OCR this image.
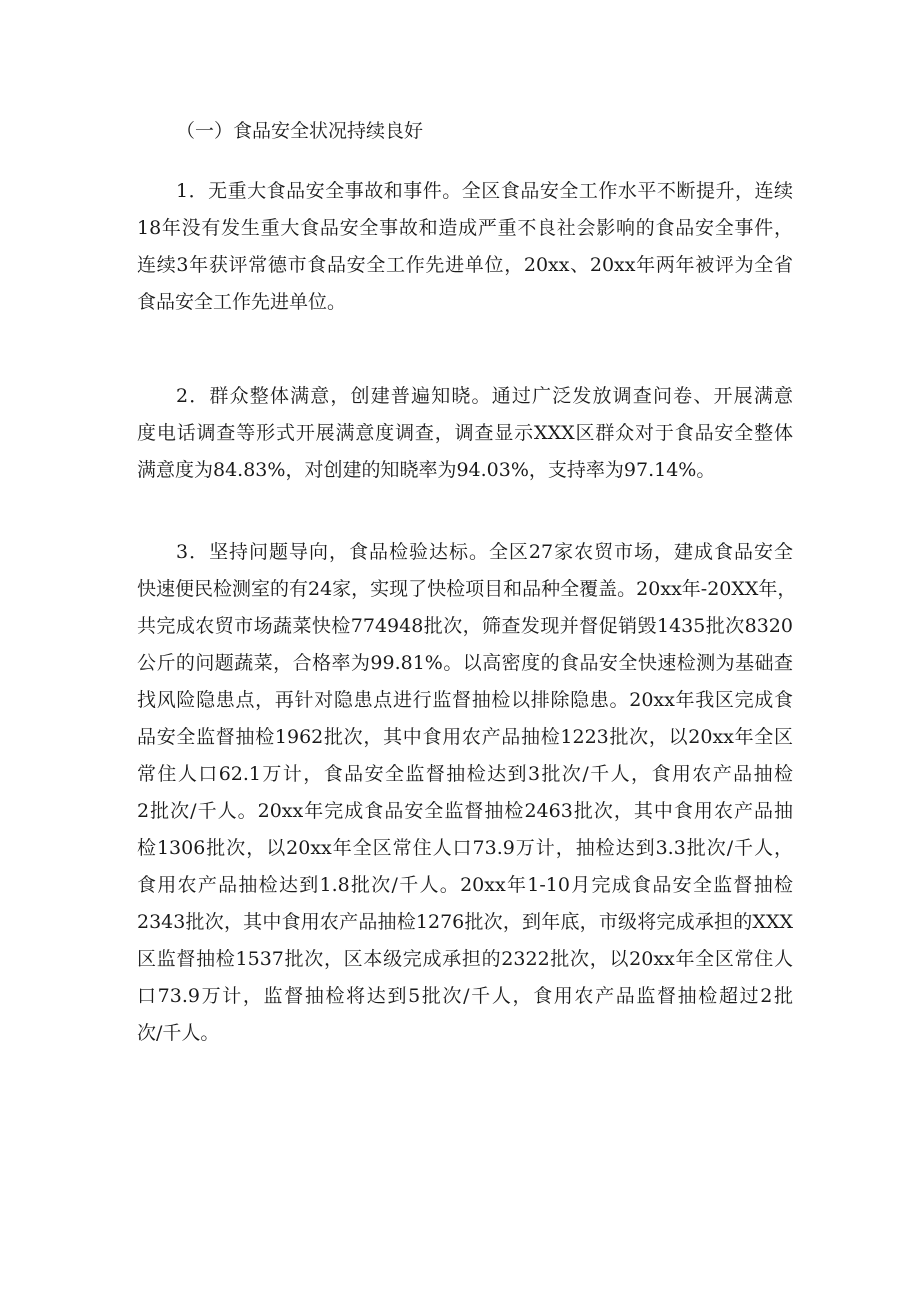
（一）食品安全状况持续良好
1．无重大食品安全事故和事件。全区食品安全工作水平不断提升，连续
18年没有发生重大食品安全事故和造成严重不良社会影响的食品安全事件，
连续3年获评常德市食品安全工作先进单位，20xx、20xx年两年被评为全省
食品安全工作先进单位。
2．群众整体满意，创建普遍知晓。通过广泛发放调查问卷、开展满意
度电话调查等形式开展满意度调查，调查显示XXX区群众对于食品安全整体
满意度为84.83%，对创建的知晓率为94.03%，支持率为97.14%。
3．坚持问题导向，食品检验达标。全区27家农贸市场，建成食品安全
快速便民检测室的有24家，实现了快检项目和品种全覆盖。20xx年-20XX年，
共完成农贸市场蔬菜快检774948批次，筛查发现并督促销毁1435批次8320
公斤的问题蔬菜，合格率为99.81%。以高密度的食品安全快速检测为基础查
找风险隐患点，再针对隐患点进行监督抽检以排除隐患。20xx年我区完成食
品安全监督抽检1962批次，其中食用农产品抽检1223批次，以20xx年全区
常住人口62.1万计，食品安全监督抽检达到3批次/千人，食用农产品抽检
2批次/千人。20xx年完成食品安全监督抽检2463批次，其中食用农产品抽
检1306批次，以20xx年全区常住人口73.9万计，抽检达到3.3批次/千人，
食用农产品抽检达到1.8批次/千人。20xx年1-10月完成食品安全监督抽检
2343批次，其中食用农产品抽检1276批次，到年底，市级将完成承担的XXX
区监督抽检1537批次，区本级完成承担的2322批次，以20xx年全区常住人
口73.9万计，监督抽检将达到5批次/千人，食用农产品监督抽检超过2批
次/千人。
